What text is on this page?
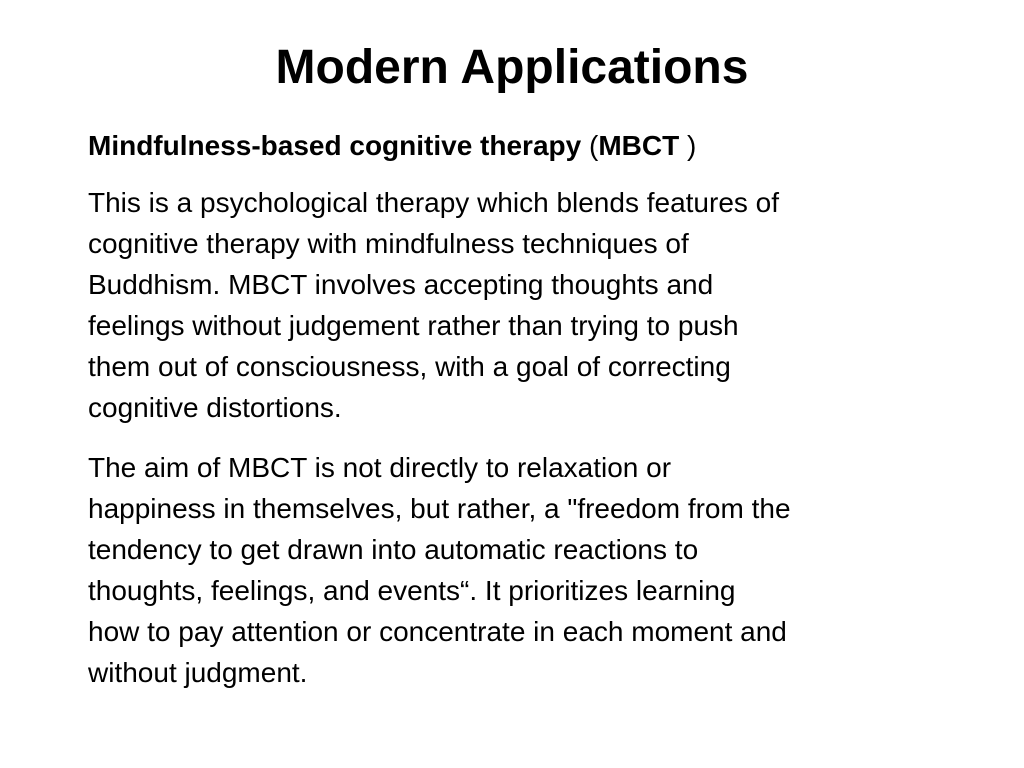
Modern Applications

Mindfulness-based cognitive therapy (MBCT )

This is a psychological therapy which blends features of
cognitive therapy with mindfulness techniques of
Buddhism. MBCT involves accepting thoughts and
feelings without judgement rather than trying to push
them out of consciousness, with a goal of correcting
cognitive distortions.

The aim of MBCT is not directly to relaxation or
happiness in themselves, but rather, a "freedom from the
tendency to get drawn into automatic reactions to
thoughts, feelings, and events“. It prioritizes learning
how to pay attention or concentrate in each moment and
without judgment.
